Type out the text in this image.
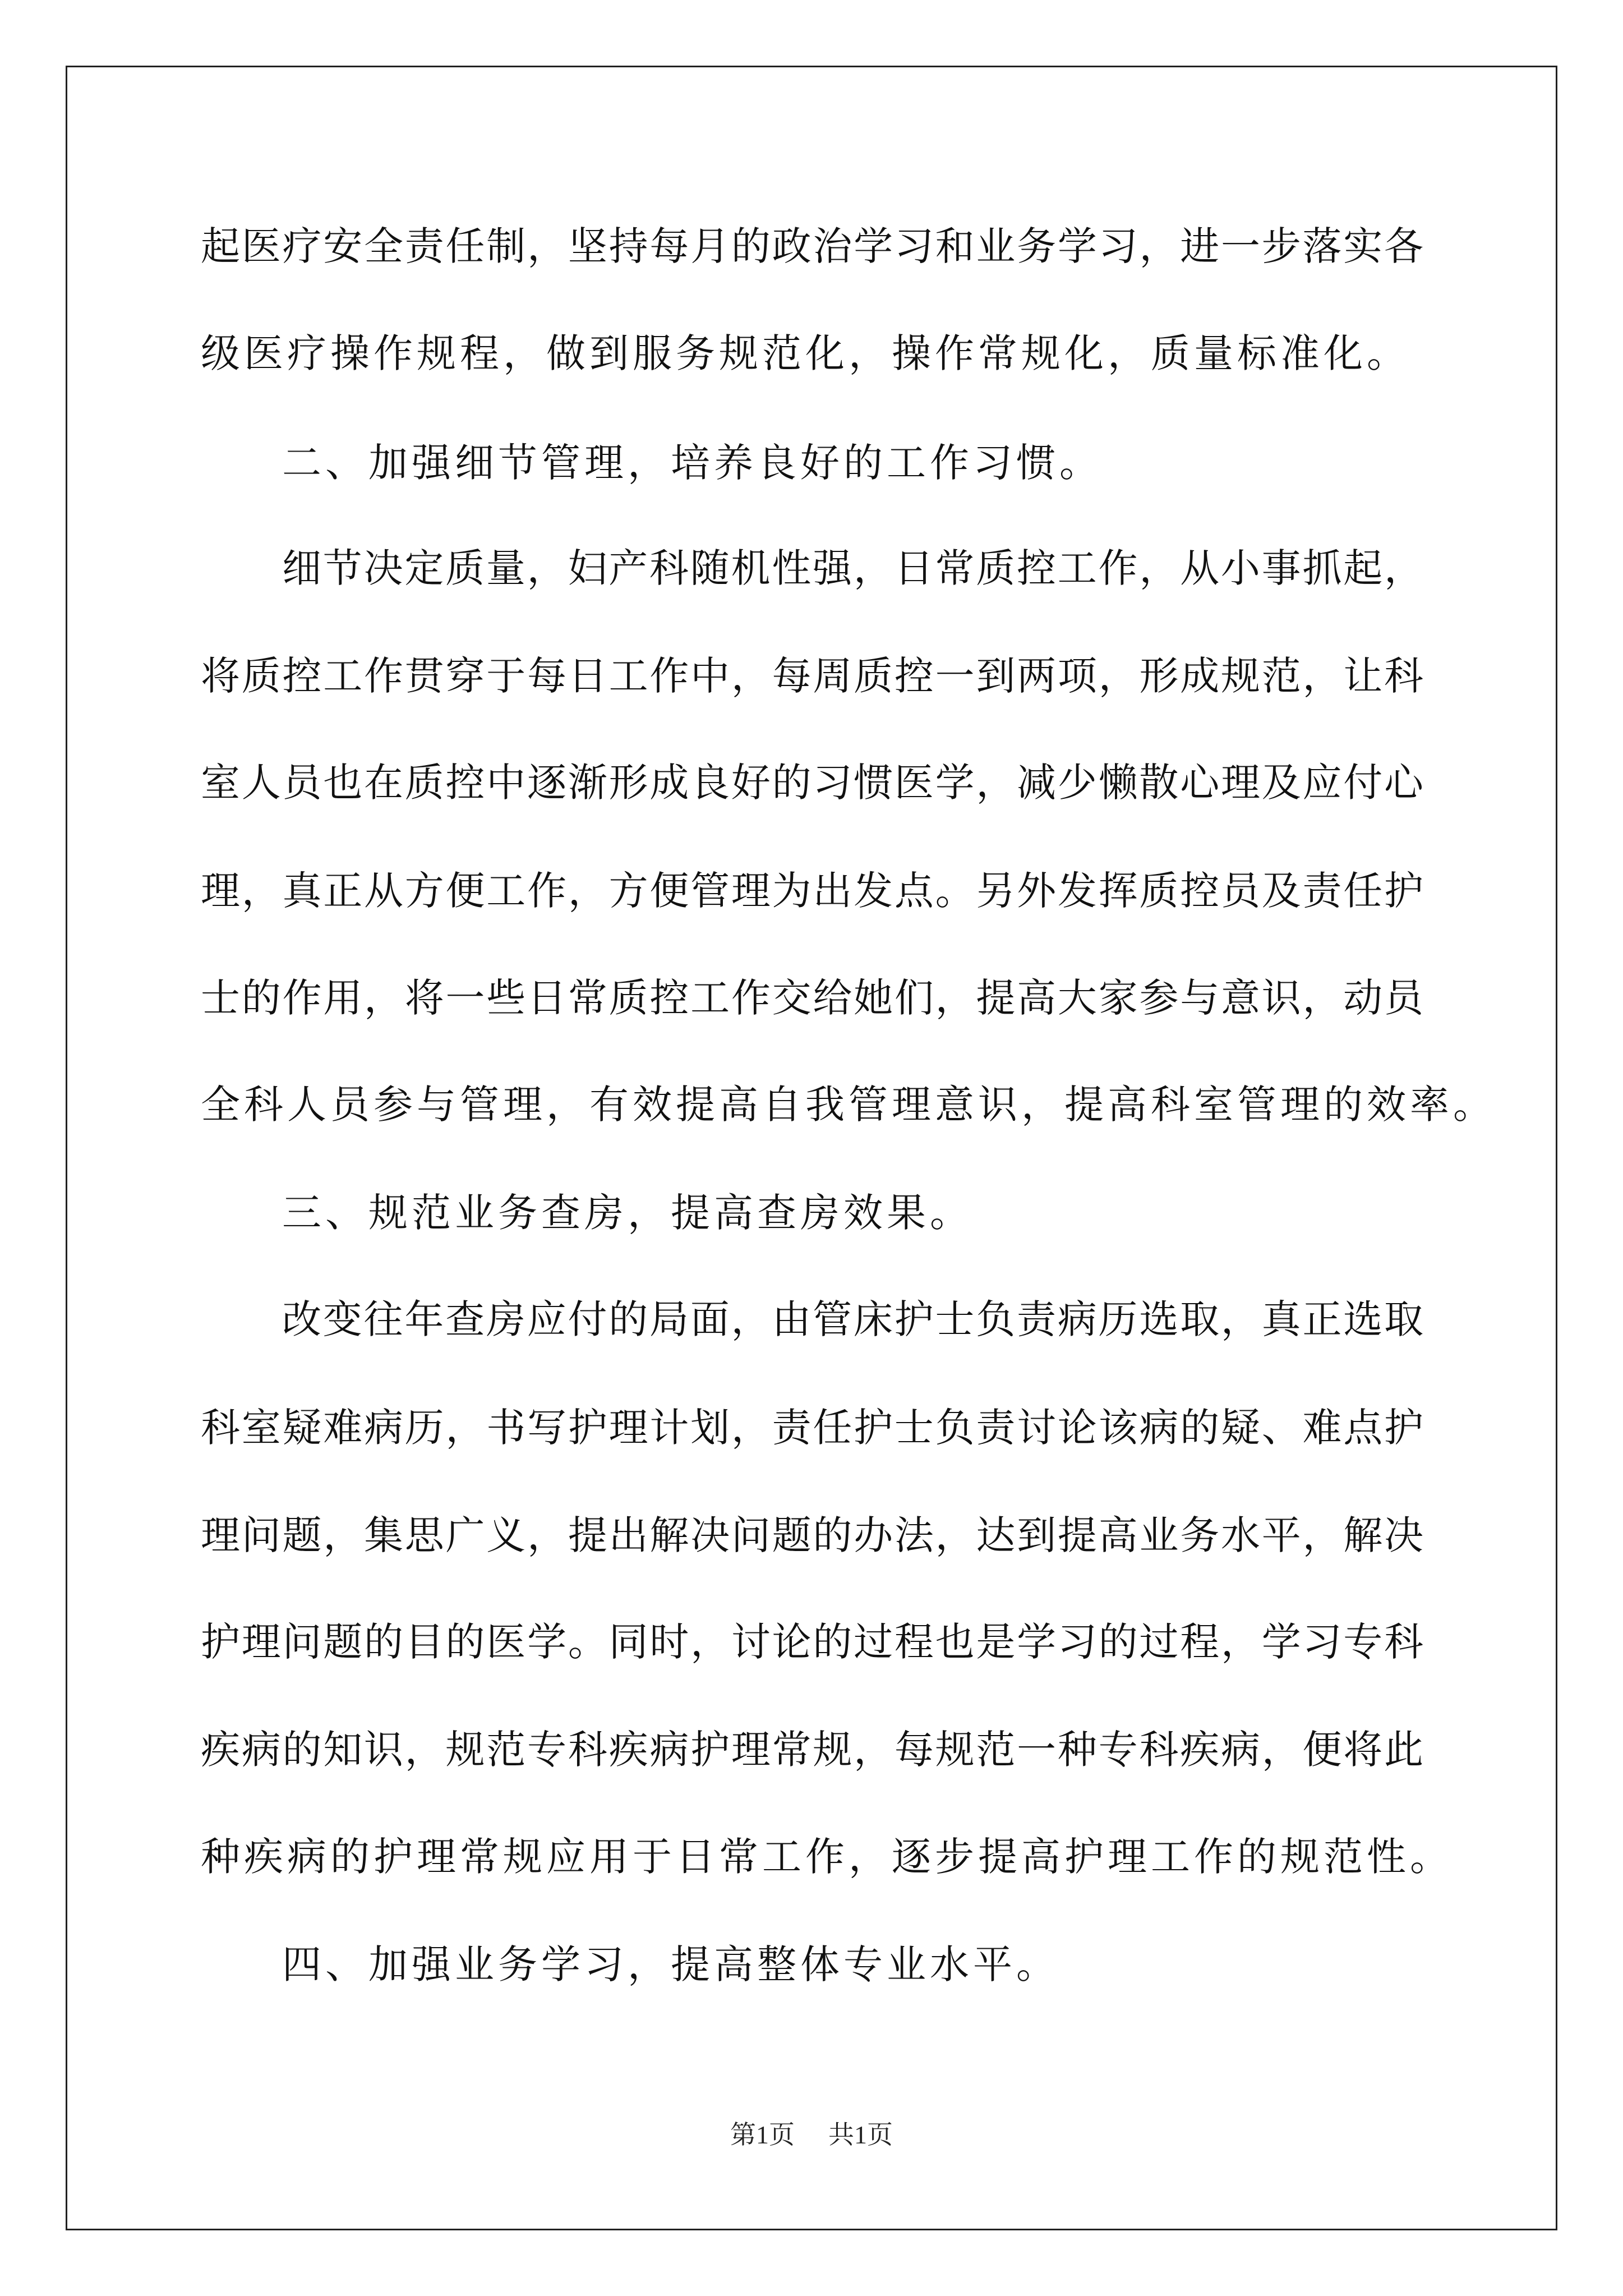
起医疗安全责任制，坚持每月的政治学习和业务学习，进一步落实各
级医疗操作规程，做到服务规范化，操作常规化，质量标准化。
二、加强细节管理，培养良好的工作习惯。
细节决定质量，妇产科随机性强，日常质控工作，从小事抓起，
将质控工作贯穿于每日工作中，每周质控一到两项，形成规范，让科
室人员也在质控中逐渐形成良好的习惯医学，减少懒散心理及应付心
理，真正从方便工作，方便管理为出发点。另外发挥质控员及责任护
士的作用，将一些日常质控工作交给她们，提高大家参与意识，动员
全科人员参与管理，有效提高自我管理意识，提高科室管理的效率。
三、规范业务查房，提高查房效果。
改变往年查房应付的局面，由管床护士负责病历选取，真正选取
科室疑难病历，书写护理计划，责任护士负责讨论该病的疑、难点护
理问题，集思广义，提出解决问题的办法，达到提高业务水平，解决
护理问题的目的医学。同时，讨论的过程也是学习的过程，学习专科
疾病的知识，规范专科疾病护理常规，每规范一种专科疾病，便将此
种疾病的护理常规应用于日常工作，逐步提高护理工作的规范性。
四、加强业务学习，提高整体专业水平。
第1页 共1页
